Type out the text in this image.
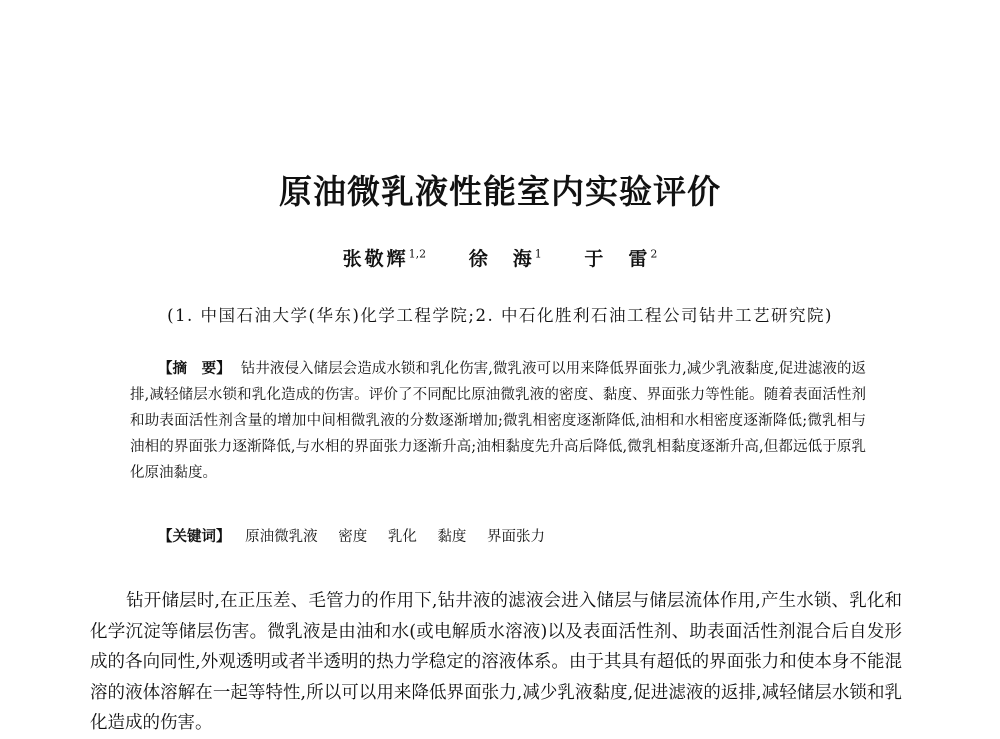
原油微乳液性能室内实验评价
张敬辉$^{1,2}$ 徐　海$^1$ 于　雷$^2$
(1. 中国石油大学(华东)化学工程学院;2. 中石化胜利石油工程公司钻井工艺研究院)
【摘　要】 钻井液侵入储层会造成水锁和乳化伤害,微乳液可以用来降低界面张力,减少乳液黏度,促进滤液的返排,减轻储层水锁和乳化造成的伤害。评价了不同配比原油微乳液的密度、黏度、界面张力等性能。随着表面活性剂和助表面活性剂含量的增加中间相微乳液的分数逐渐增加;微乳相密度逐渐降低,油相和水相密度逐渐降低;微乳相与油相的界面张力逐渐降低,与水相的界面张力逐渐升高;油相黏度先升高后降低,微乳相黏度逐渐升高,但都远低于原乳化原油黏度。
【关键词】 原油微乳液 密度 乳化 黏度 界面张力
钻开储层时,在正压差、毛管力的作用下,钻井液的滤液会进入储层与储层流体作用,产生水锁、乳化和化学沉淀等储层伤害。微乳液是由油和水(或电解质水溶液)以及表面活性剂、助表面活性剂混合后自发形成的各向同性,外观透明或者半透明的热力学稳定的溶液体系。由于其具有超低的界面张力和使本身不能混溶的液体溶解在一起等特性,所以可以用来降低界面张力,减少乳液黏度,促进滤液的返排,减轻储层水锁和乳化造成的伤害。
